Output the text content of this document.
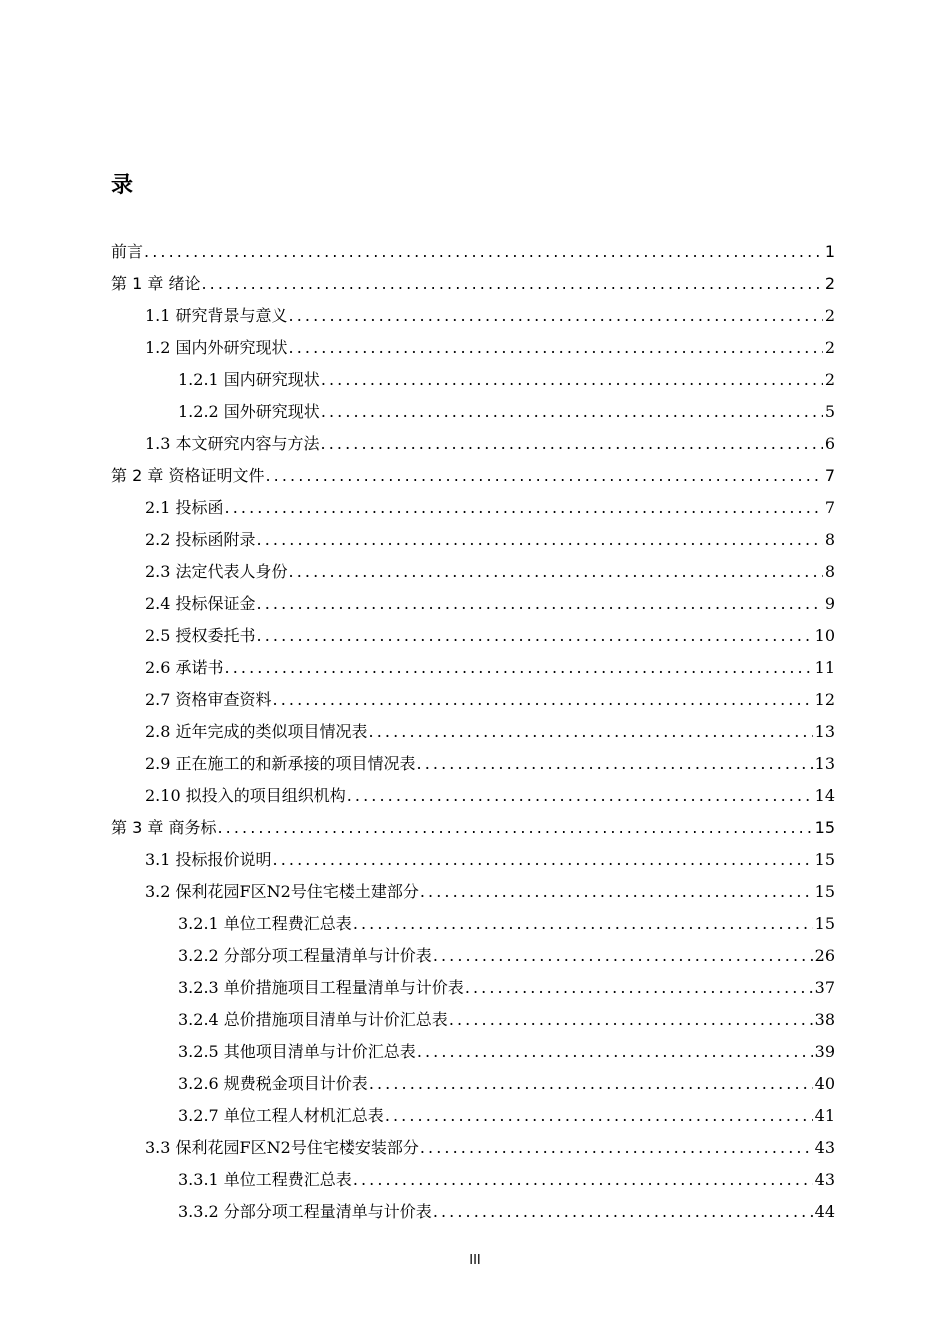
录
前言 .....	1
第 1 章 绪论 .....	2
1.1 研究背景与意义 .....	2
1.2 国内外研究现状 .....	2
1.2.1 国内研究现状 .....	2
1.2.2 国外研究现状 .....	5
1.3 本文研究内容与方法 .....	6
第 2 章 资格证明文件 .....	7
2.1 投标函 .....	7
2.2 投标函附录 .....	8
2.3 法定代表人身份 .....	8
2.4 投标保证金 .....	9
2.5 授权委托书 .....	10
2.6 承诺书 .....	11
2.7 资格审查资料 .....	12
2.8 近年完成的类似项目情况表 .....	13
2.9 正在施工的和新承接的项目情况表 .....	13
2.10 拟投入的项目组织机构 .....	14
第 3 章 商务标 .....	15
3.1 投标报价说明 .....	15
3.2 保利花园F区N2号住宅楼土建部分 .....	15
3.2.1 单位工程费汇总表 .....	15
3.2.2 分部分项工程量清单与计价表 .....	26
3.2.3 单价措施项目工程量清单与计价表 .....	37
3.2.4 总价措施项目清单与计价汇总表 .....	38
3.2.5 其他项目清单与计价汇总表 .....	39
3.2.6 规费税金项目计价表 .....	40
3.2.7 单位工程人材机汇总表 .....	41
3.3 保利花园F区N2号住宅楼安装部分 .....	43
3.3.1 单位工程费汇总表 .....	43
3.3.2 分部分项工程量清单与计价表 .....	44
III
